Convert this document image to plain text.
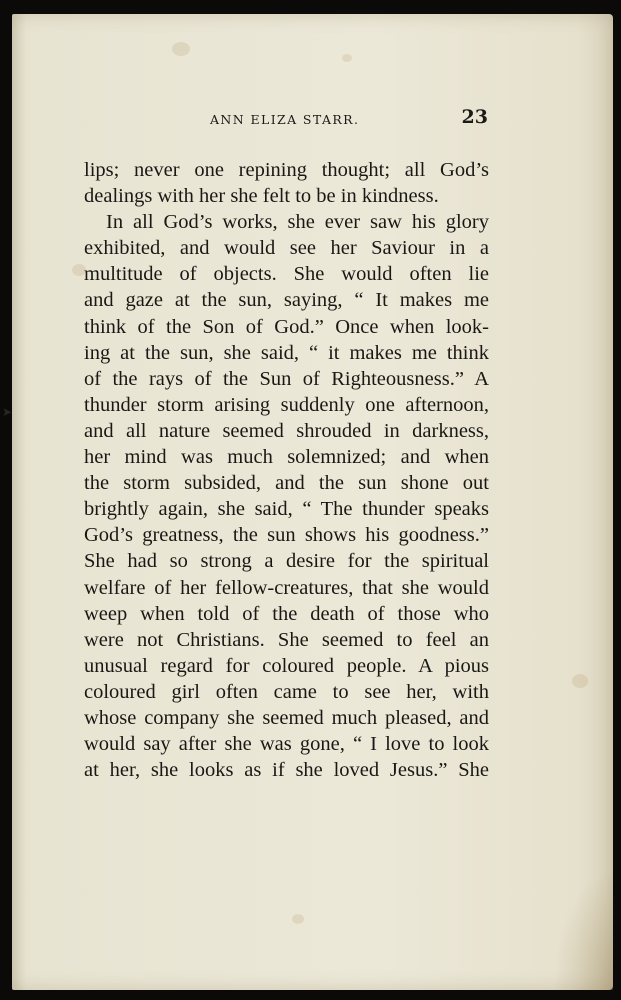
➤
ANN ELIZA STARR.	23
lips; never one repining thought; all God’s
dealings with her she felt to be in kindness.
In all God’s works, she ever saw his glory
exhibited, and would see her Saviour in a
multitude of objects. She would often lie
and gaze at the sun, saying, “ It makes me
think of the Son of God.” Once when look-
ing at the sun, she said, “ it makes me think
of the rays of the Sun of Righteousness.” A
thunder storm arising suddenly one afternoon,
and all nature seemed shrouded in darkness,
her mind was much solemnized; and when
the storm subsided, and the sun shone out
brightly again, she said, “ The thunder speaks
God’s greatness, the sun shows his goodness.”
She had so strong a desire for the spiritual
welfare of her fellow-creatures, that she would
weep when told of the death of those who
were not Christians. She seemed to feel an
unusual regard for coloured people. A pious
coloured girl often came to see her, with
whose company she seemed much pleased, and
would say after she was gone, “ I love to look
at her, she looks as if she loved Jesus.” She
